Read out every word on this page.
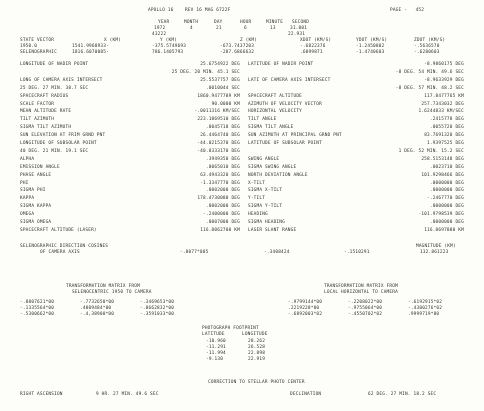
APOLLO 16    REV 16 MAG 6722F	PAGE -   452
YEAR	MONTH	DAY	HOUR	MINUTE SECOND
1972	4	21	6	13	31.801
43222	22.931
STATE VECTOR	X (KM)	Y (KM)	Z (KM)	XDOT (KM/S)	YDOT (KM/S)	ZDOT (KM/S)
1950.0	1541.9960933-	-375.5749693	-673.7437203	-.6822376	-1.2450882	-.5636570
SELENOGRAPHIC	1816.6070085-	786.1405793	-287.6866632	.6099871	-1.4740603	-.6280603
LONGITUDE OF NADIR POINT	25.6754922 DEG
25 DEG. 20 MIN. 45.1 SEC
LONG OF CAMERA AXIS INTERSECT	25.5537757 DEG
25 DEG. 27 MIN. 38.7 SEC	.0010044 SEC
SPACECRAFT RADIUS	1860.9477789 KM
SCALE FACTOR	90.0000 KM
MEAN ALTITUDE RATE	-.0011316 KM/SEC
TILT AZIMUTH	223.1869510 DEG
SIGMA TILT AZIMUTH	.0045718 DEG
SUN ELEVATION AT FRIM GRND PNT	26.4464740 DEG
LONGITUDE OF SUBSOLAR POINT	-44.0215370 DEG
40 DEG. 21 MIN. 19.1 SEC	-40.8333170 DEG
ALPHA	.3949350 DEG
EMISSION ANGLE	.0065010 DEG
PHASE ANGLE	63.4943320 DEG
PHI	-1.3347770 DEG
SIGMA PHI	.0002000 DEG
KAPPA	178.4730080 DEG
SIGMA KAPPA	.0002000 DEG
OMEGA	-.2400000 DEG
SIGMA OMEGA	.0007000 DEG
SPACECRAFT ALTITUDE (LASER)	116.8062700 KM
LATITUDE OF NADIR POINT	-8.9860175 DEG
-8 DEG. 54 MIN. 49.6 SEC
LATI OF CAMERA AXIS INTERSECT	-8.9633929 DEG
-8 DEG. 57 MIN. 48.2 SEC
SPACECRAFT ALTITUDE	117.8477765 KM
AZIMUTH OF VELOCITY VECTOR	257.7343032 DEG
HORIZONTAL VELOCITY	1.6244833 KM/SEC
TILT ANGLE	.2415778 DEG
SIGMA TILT ANGLE	.0055720 DEG
SUN AZIMUTH AT PRINCIPAL GRND PNT	83.7691320 DEG
LATITUDE OF SUBSOLAR POINT	1.9397525 DEG
1 DEG. 52 MIN. 15.2 SEC
SWING ANGLE	258.5153148 DEG
SIGMA SWING ANGLE	.0023710 DEG
NORTH DEVIATION ANGLE	101.9298466 DEG
X-TILT	.0000000 DEG
SIGMA X-TILT	.0000000 DEG
Y-TILT	-.2467770 DEG
SIGMA Y-TILT	.0000000 DEG
HEADING	-101.9798539 DEG
SIGMA HEADING	.0000000 DEG
LASER SLANT RANGE	116.8697880 KM
SELENOGRAPHIC DIRECTION COSINES
OF CAMERA AXIS	-.8077*005	-.3408424	-.1510291
MAGNITUDE (KM)
132.861223
TRANSFORMATION MATRIX FROM
SELENOCENTRIC 1950 TO CAMERA
TRANSFORMATION MATRIX FROM
LOCAL HORIZONTAL TO CAMERA
-.8807621*00	-.7732650*00	-.3469653*00
-.1335564*00	.4809484*00	-.8662832*00
-.5300662*00	-.4,38900*00	-.3591033*00
-.9799144*00	-.2208022*00	-.6192915*02
.2219228*00	-.9755064*00	-.4300276*02
-.6892003*02	-.4550702*02	.9999719*00
PHOTOGRAPH FOOTPRINT
LATITUDE	LONGITUDE
-10.960	28.262
-11.291	26.528
-11.994	22.898
-9.130	22.919
CORRECTION TO STELLAR PHOTO CENTER
RIGHT ASCENSION	9 HR. 27 MIN. 49.6 SEC	DECLINATION	62 DEG. 27 MIN. 18.2 SEC
